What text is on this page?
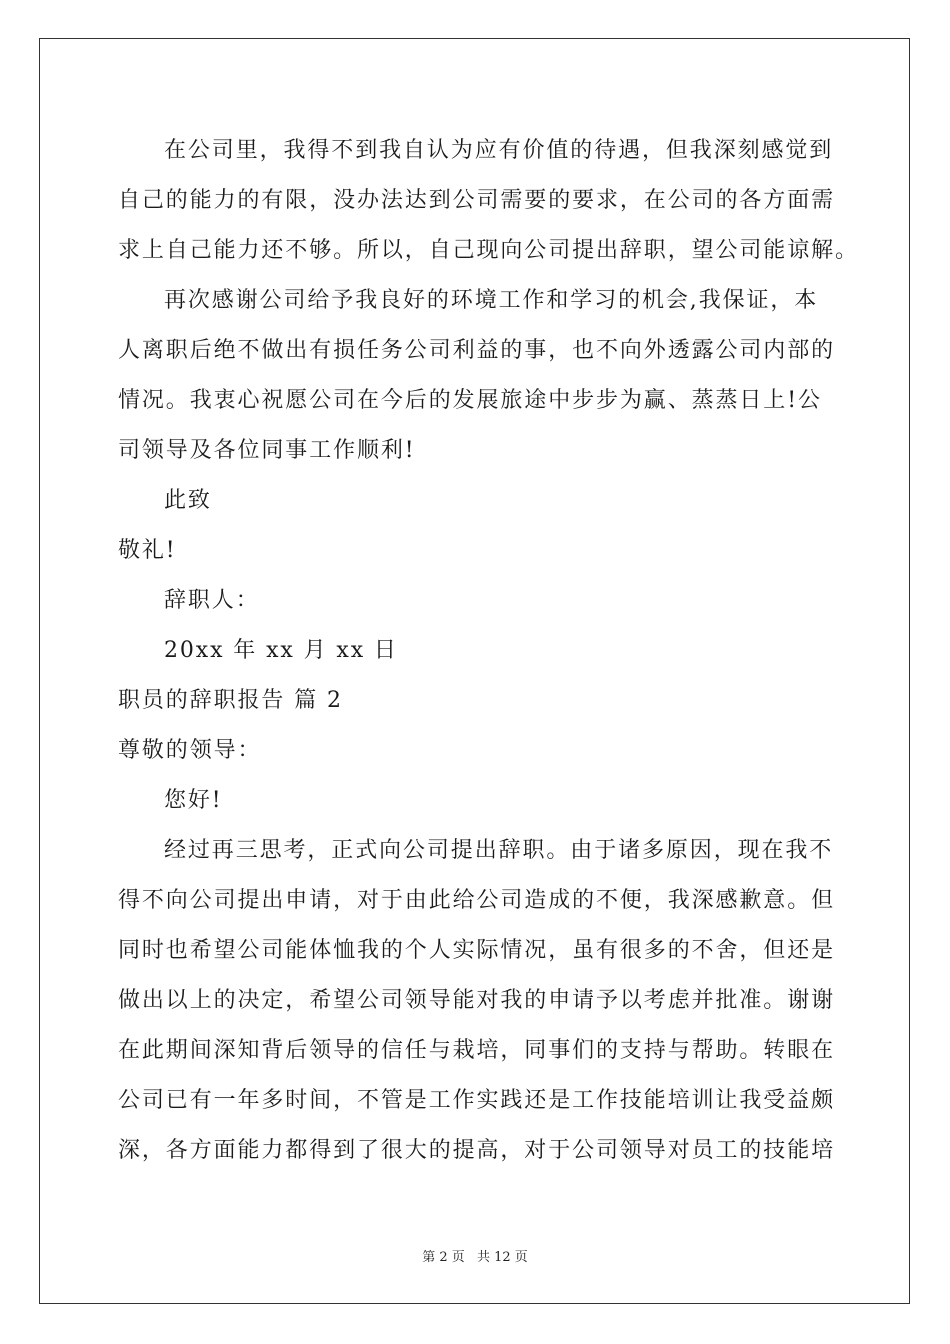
在公司里，我得不到我自认为应有价值的待遇，但我深刻感觉到
自己的能力的有限，没办法达到公司需要的要求，在公司的各方面需
求上自己能力还不够。所以，自己现向公司提出辞职，望公司能谅解。
再次感谢公司给予我良好的环境工作和学习的机会,我保证，本
人离职后绝不做出有损任务公司利益的事，也不向外透露公司内部的
情况。我衷心祝愿公司在今后的发展旅途中步步为赢、蒸蒸日上!公
司领导及各位同事工作顺利!
此致
敬礼!
辞职人：
20xx 年 xx 月 xx 日
职员的辞职报告 篇 2
尊敬的领导：
您好!
经过再三思考，正式向公司提出辞职。由于诸多原因，现在我不
得不向公司提出申请，对于由此给公司造成的不便，我深感歉意。但
同时也希望公司能体恤我的个人实际情况，虽有很多的不舍，但还是
做出以上的决定，希望公司领导能对我的申请予以考虑并批准。谢谢
在此期间深知背后领导的信任与栽培，同事们的支持与帮助。转眼在
公司已有一年多时间，不管是工作实践还是工作技能培训让我受益颇
深，各方面能力都得到了很大的提高，对于公司领导对员工的技能培
第 2 页 共 12 页
